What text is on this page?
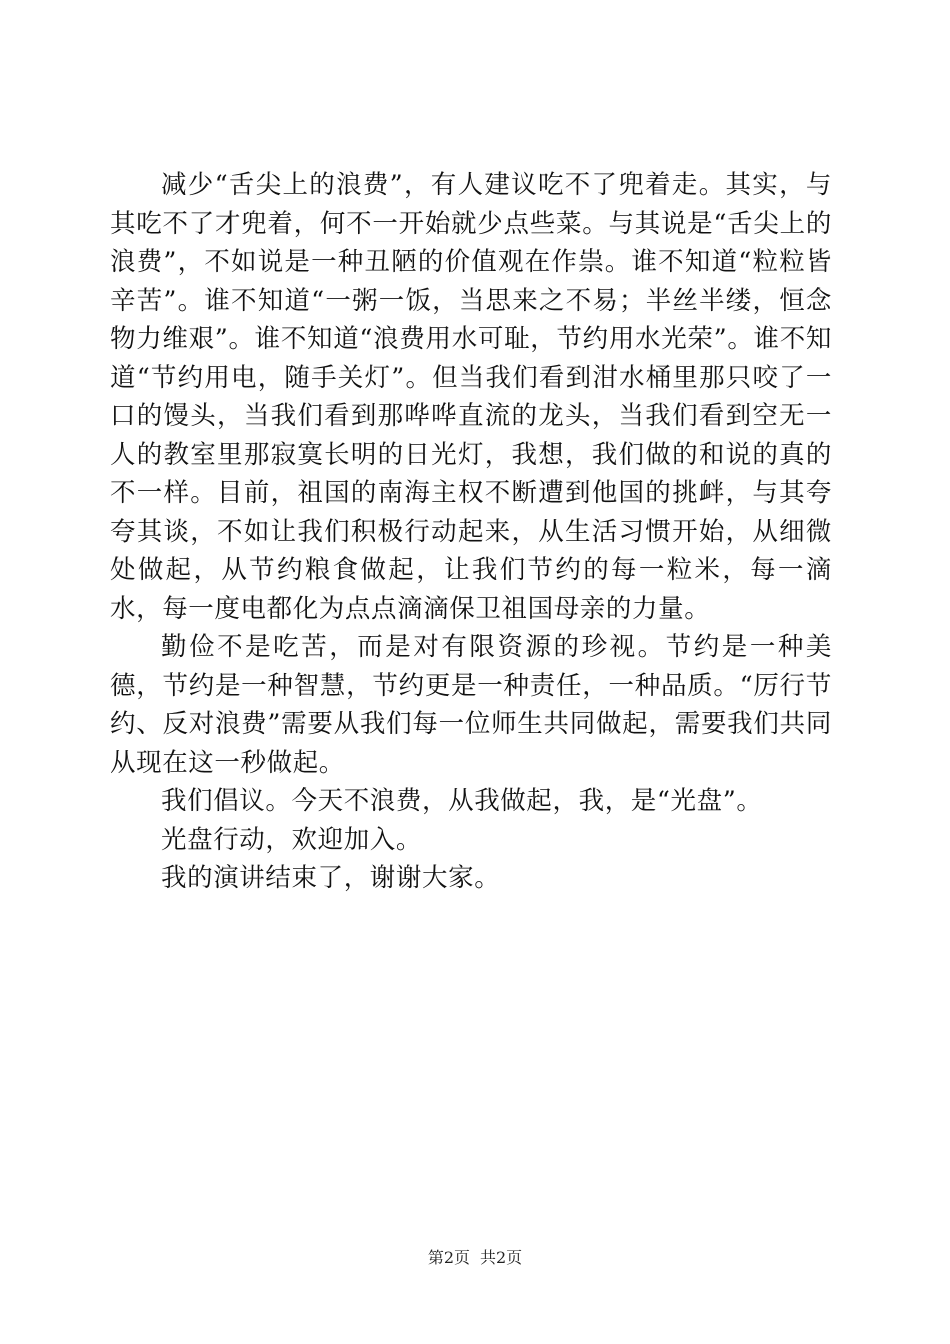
减少“舌尖上的浪费”，有人建议吃不了兜着走。其实，与其吃不了才兜着，何不一开始就少点些菜。与其说是“舌尖上的浪费”，不如说是一种丑陋的价值观在作祟。谁不知道“粒粒皆辛苦”。谁不知道“一粥一饭，当思来之不易；半丝半缕，恒念物力维艰”。谁不知道“浪费用水可耻，节约用水光荣”。谁不知道“节约用电，随手关灯”。但当我们看到泔水桶里那只咬了一口的馒头，当我们看到那哗哗直流的龙头，当我们看到空无一人的教室里那寂寞长明的日光灯，我想，我们做的和说的真的不一样。目前，祖国的南海主权不断遭到他国的挑衅，与其夸夸其谈，不如让我们积极行动起来，从生活习惯开始，从细微处做起，从节约粮食做起，让我们节约的每一粒米，每一滴水，每一度电都化为点点滴滴保卫祖国母亲的力量。

勤俭不是吃苦，而是对有限资源的珍视。节约是一种美德，节约是一种智慧，节约更是一种责任，一种品质。“厉行节约、反对浪费”需要从我们每一位师生共同做起，需要我们共同从现在这一秒做起。

我们倡议。今天不浪费，从我做起，我，是“光盘”。

光盘行动，欢迎加入。

我的演讲结束了，谢谢大家。

第2页 共2页
